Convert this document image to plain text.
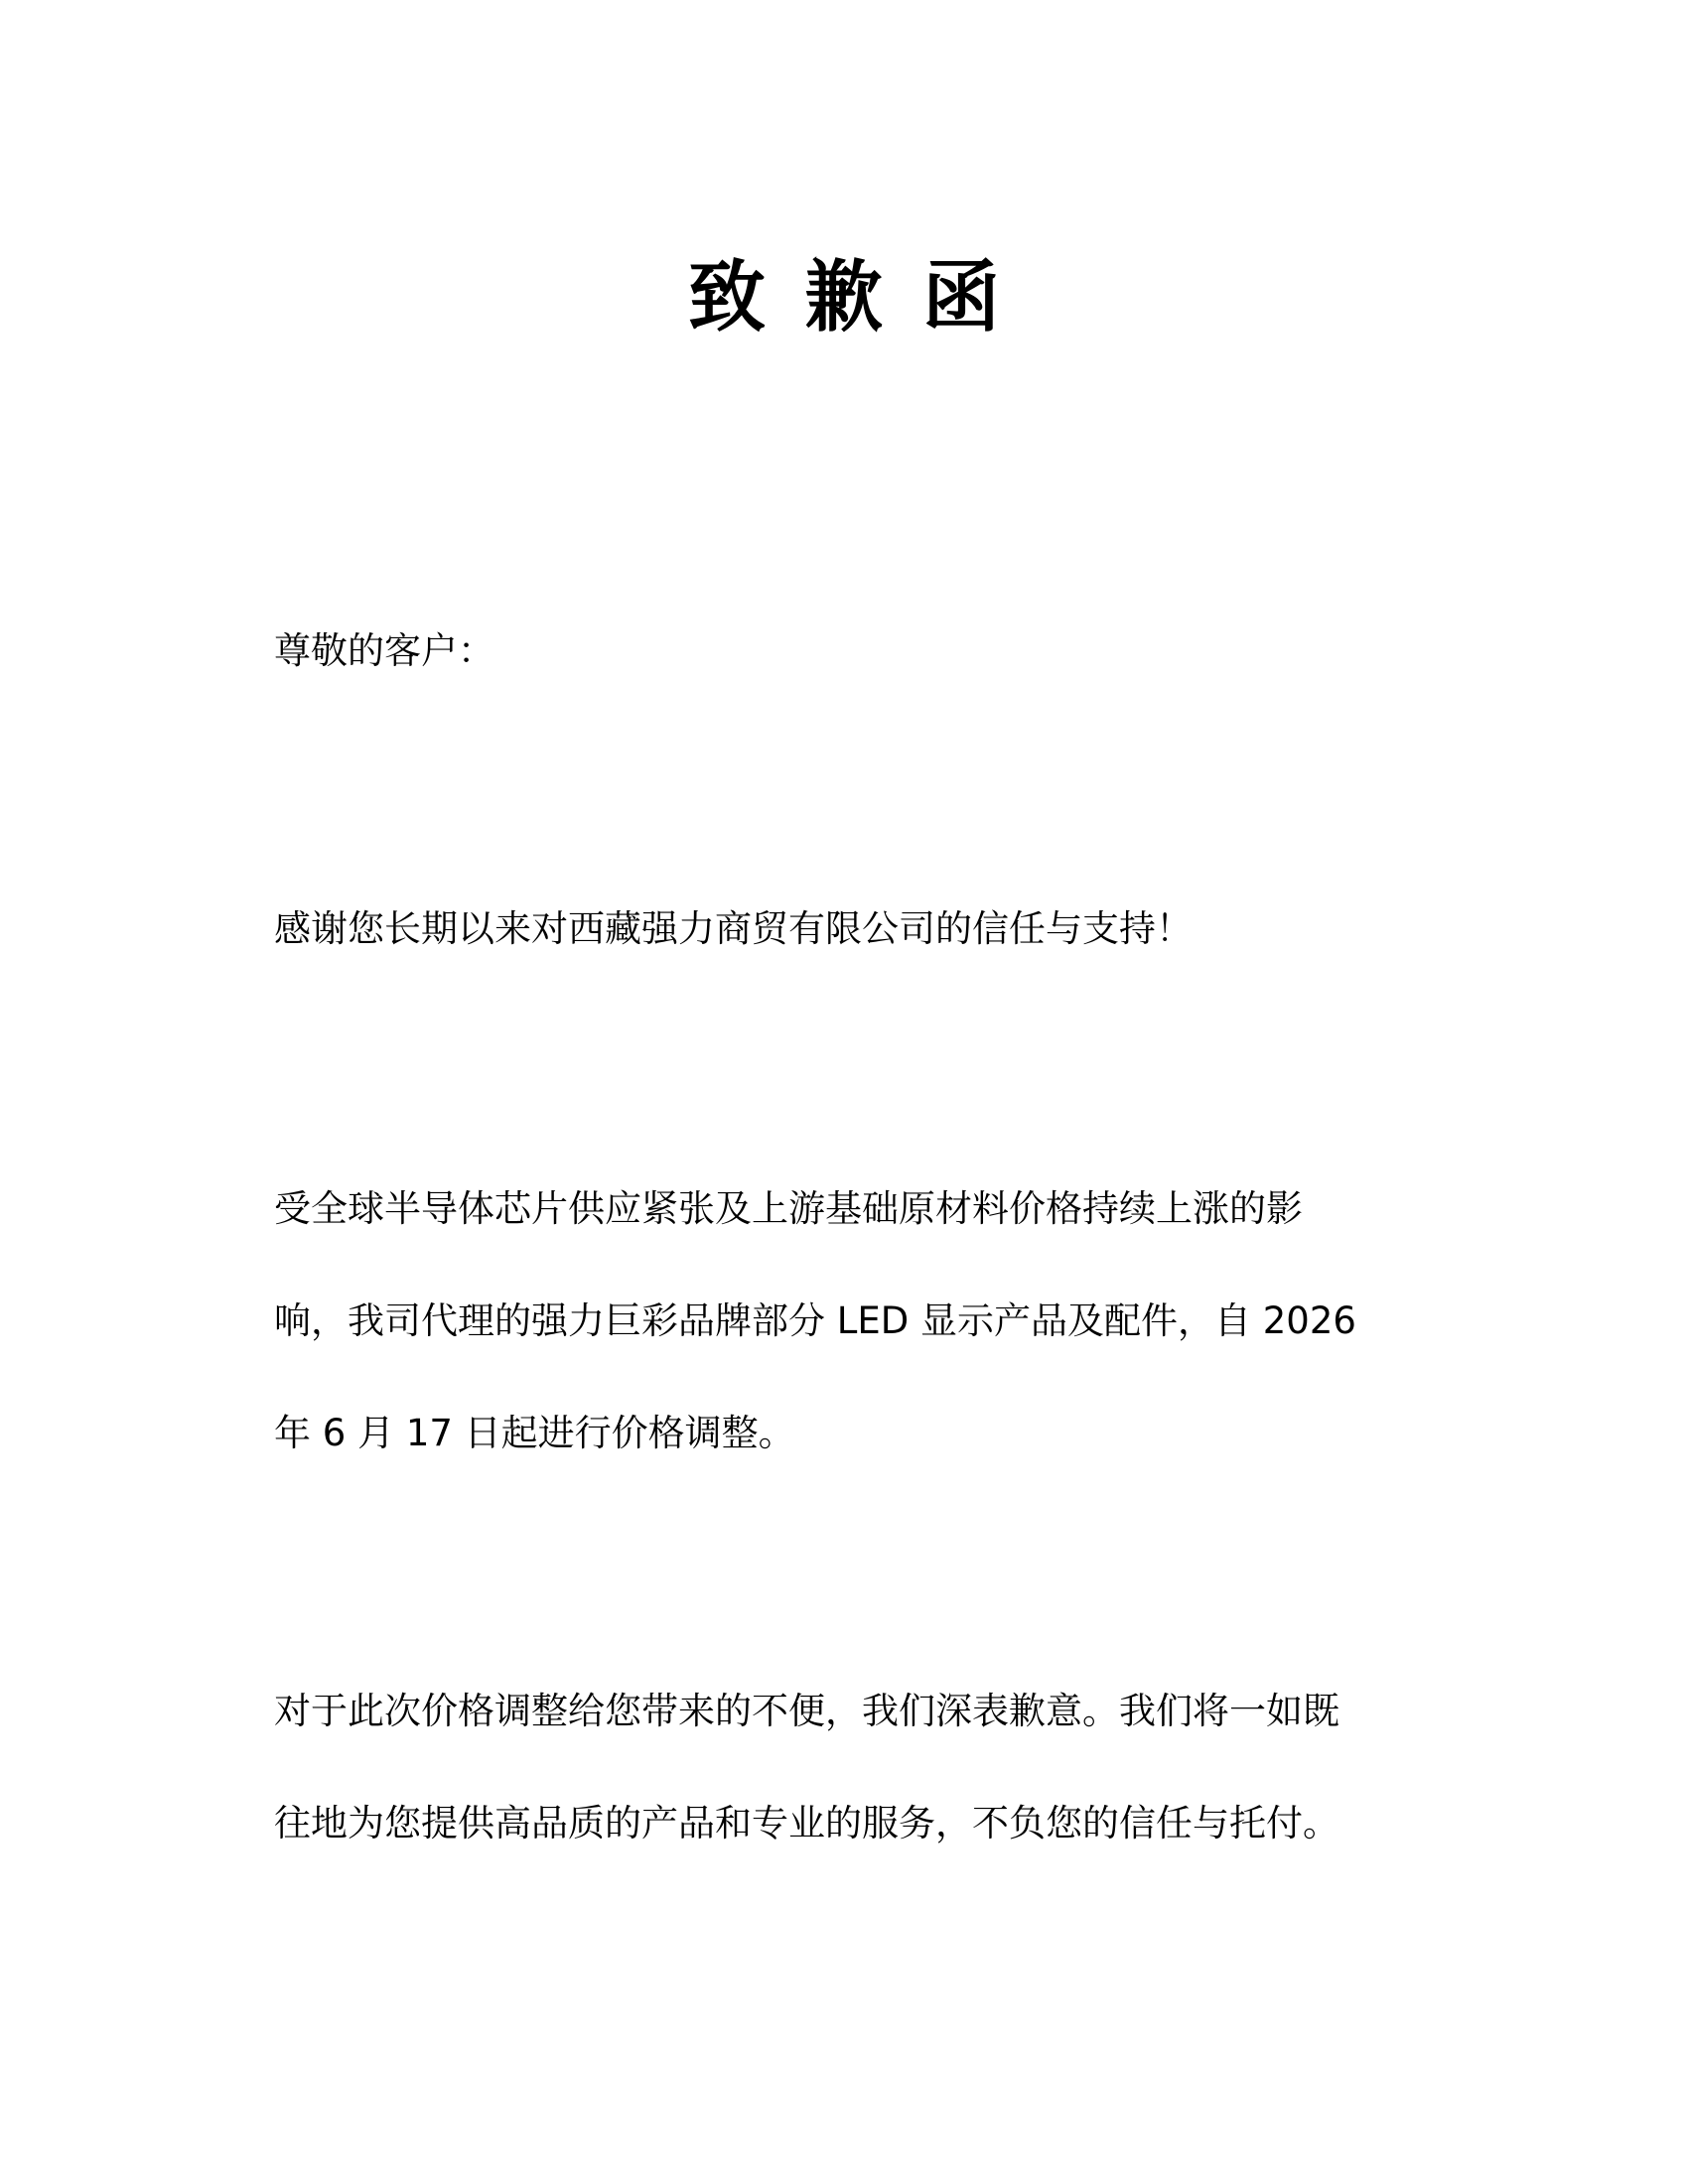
致歉函
尊敬的客户：
感谢您长期以来对西藏强力商贸有限公司的信任与支持！
受全球半导体芯片供应紧张及上游基础原材料价格持续上涨的影
响，我司代理的强力巨彩品牌部分 LED 显示产品及配件，自 2026
年 6 月 17 日起进行价格调整。
对于此次价格调整给您带来的不便，我们深表歉意。我们将一如既
往地为您提供高品质的产品和专业的服务，不负您的信任与托付。
